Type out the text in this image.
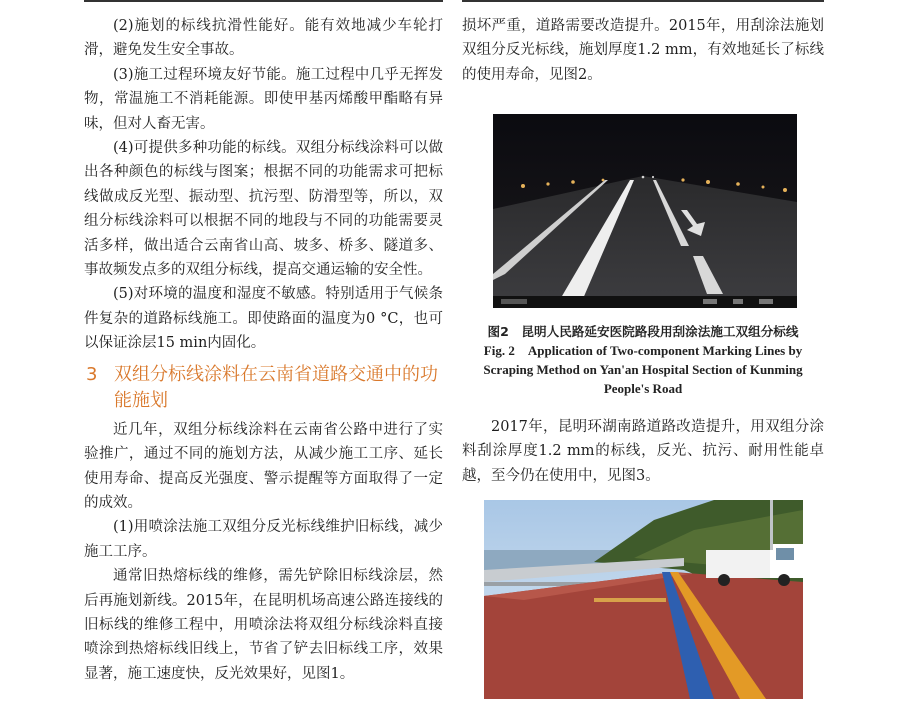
(2)施划的标线抗滑性能好。能有效地减少车轮打滑，避免发生安全事故。

(3)施工过程环境友好节能。施工过程中几乎无挥发物，常温施工不消耗能源。即使甲基丙烯酸甲酯略有异味，但对人畜无害。

(4)可提供多种功能的标线。双组分标线涂料可以做出各种颜色的标线与图案；根据不同的功能需求可把标线做成反光型、振动型、抗污型、防滑型等，所以，双组分标线涂料可以根据不同的地段与不同的功能需要灵活多样，做出适合云南省山高、坡多、桥多、隧道多、事故频发点多的双组分标线，提高交通运输的安全性。

(5)对环境的温度和湿度不敏感。特别适用于气候条件复杂的道路标线施工。即使路面的温度为0 °C，也可以保证涂层15 min内固化。

3 双组分标线涂料在云南省道路交通中的功能施划

近几年，双组分标线涂料在云南省公路中进行了实验推广，通过不同的施划方法，从减少施工工序、延长使用寿命、提高反光强度、警示提醒等方面取得了一定的成效。

(1)用喷涂法施工双组分反光标线维护旧标线，减少施工工序。

通常旧热熔标线的维修，需先铲除旧标线涂层，然后再施划新线。2015年，在昆明机场高速公路连接线的旧标线的维修工程中，用喷涂法将双组分标线涂料直接喷涂到热熔标线旧线上，节省了铲去旧标线工序，效果显著，施工速度快，反光效果好，见图1。

损坏严重，道路需要改造提升。2015年，用刮涂法施划双组分反光标线，施划厚度1.2 mm，有效地延长了标线的使用寿命，见图2。

图2　昆明人民路延安医院路段用刮涂法施工双组分标线
Fig. 2　Application of Two-component Marking Lines by Scraping Method on Yan'an Hospital Section of Kunming People's Road

2017年，昆明环湖南路道路改造提升，用双组分涂料刮涂厚度1.2 mm的标线，反光、抗污、耐用性能卓越，至今仍在使用中，见图3。
